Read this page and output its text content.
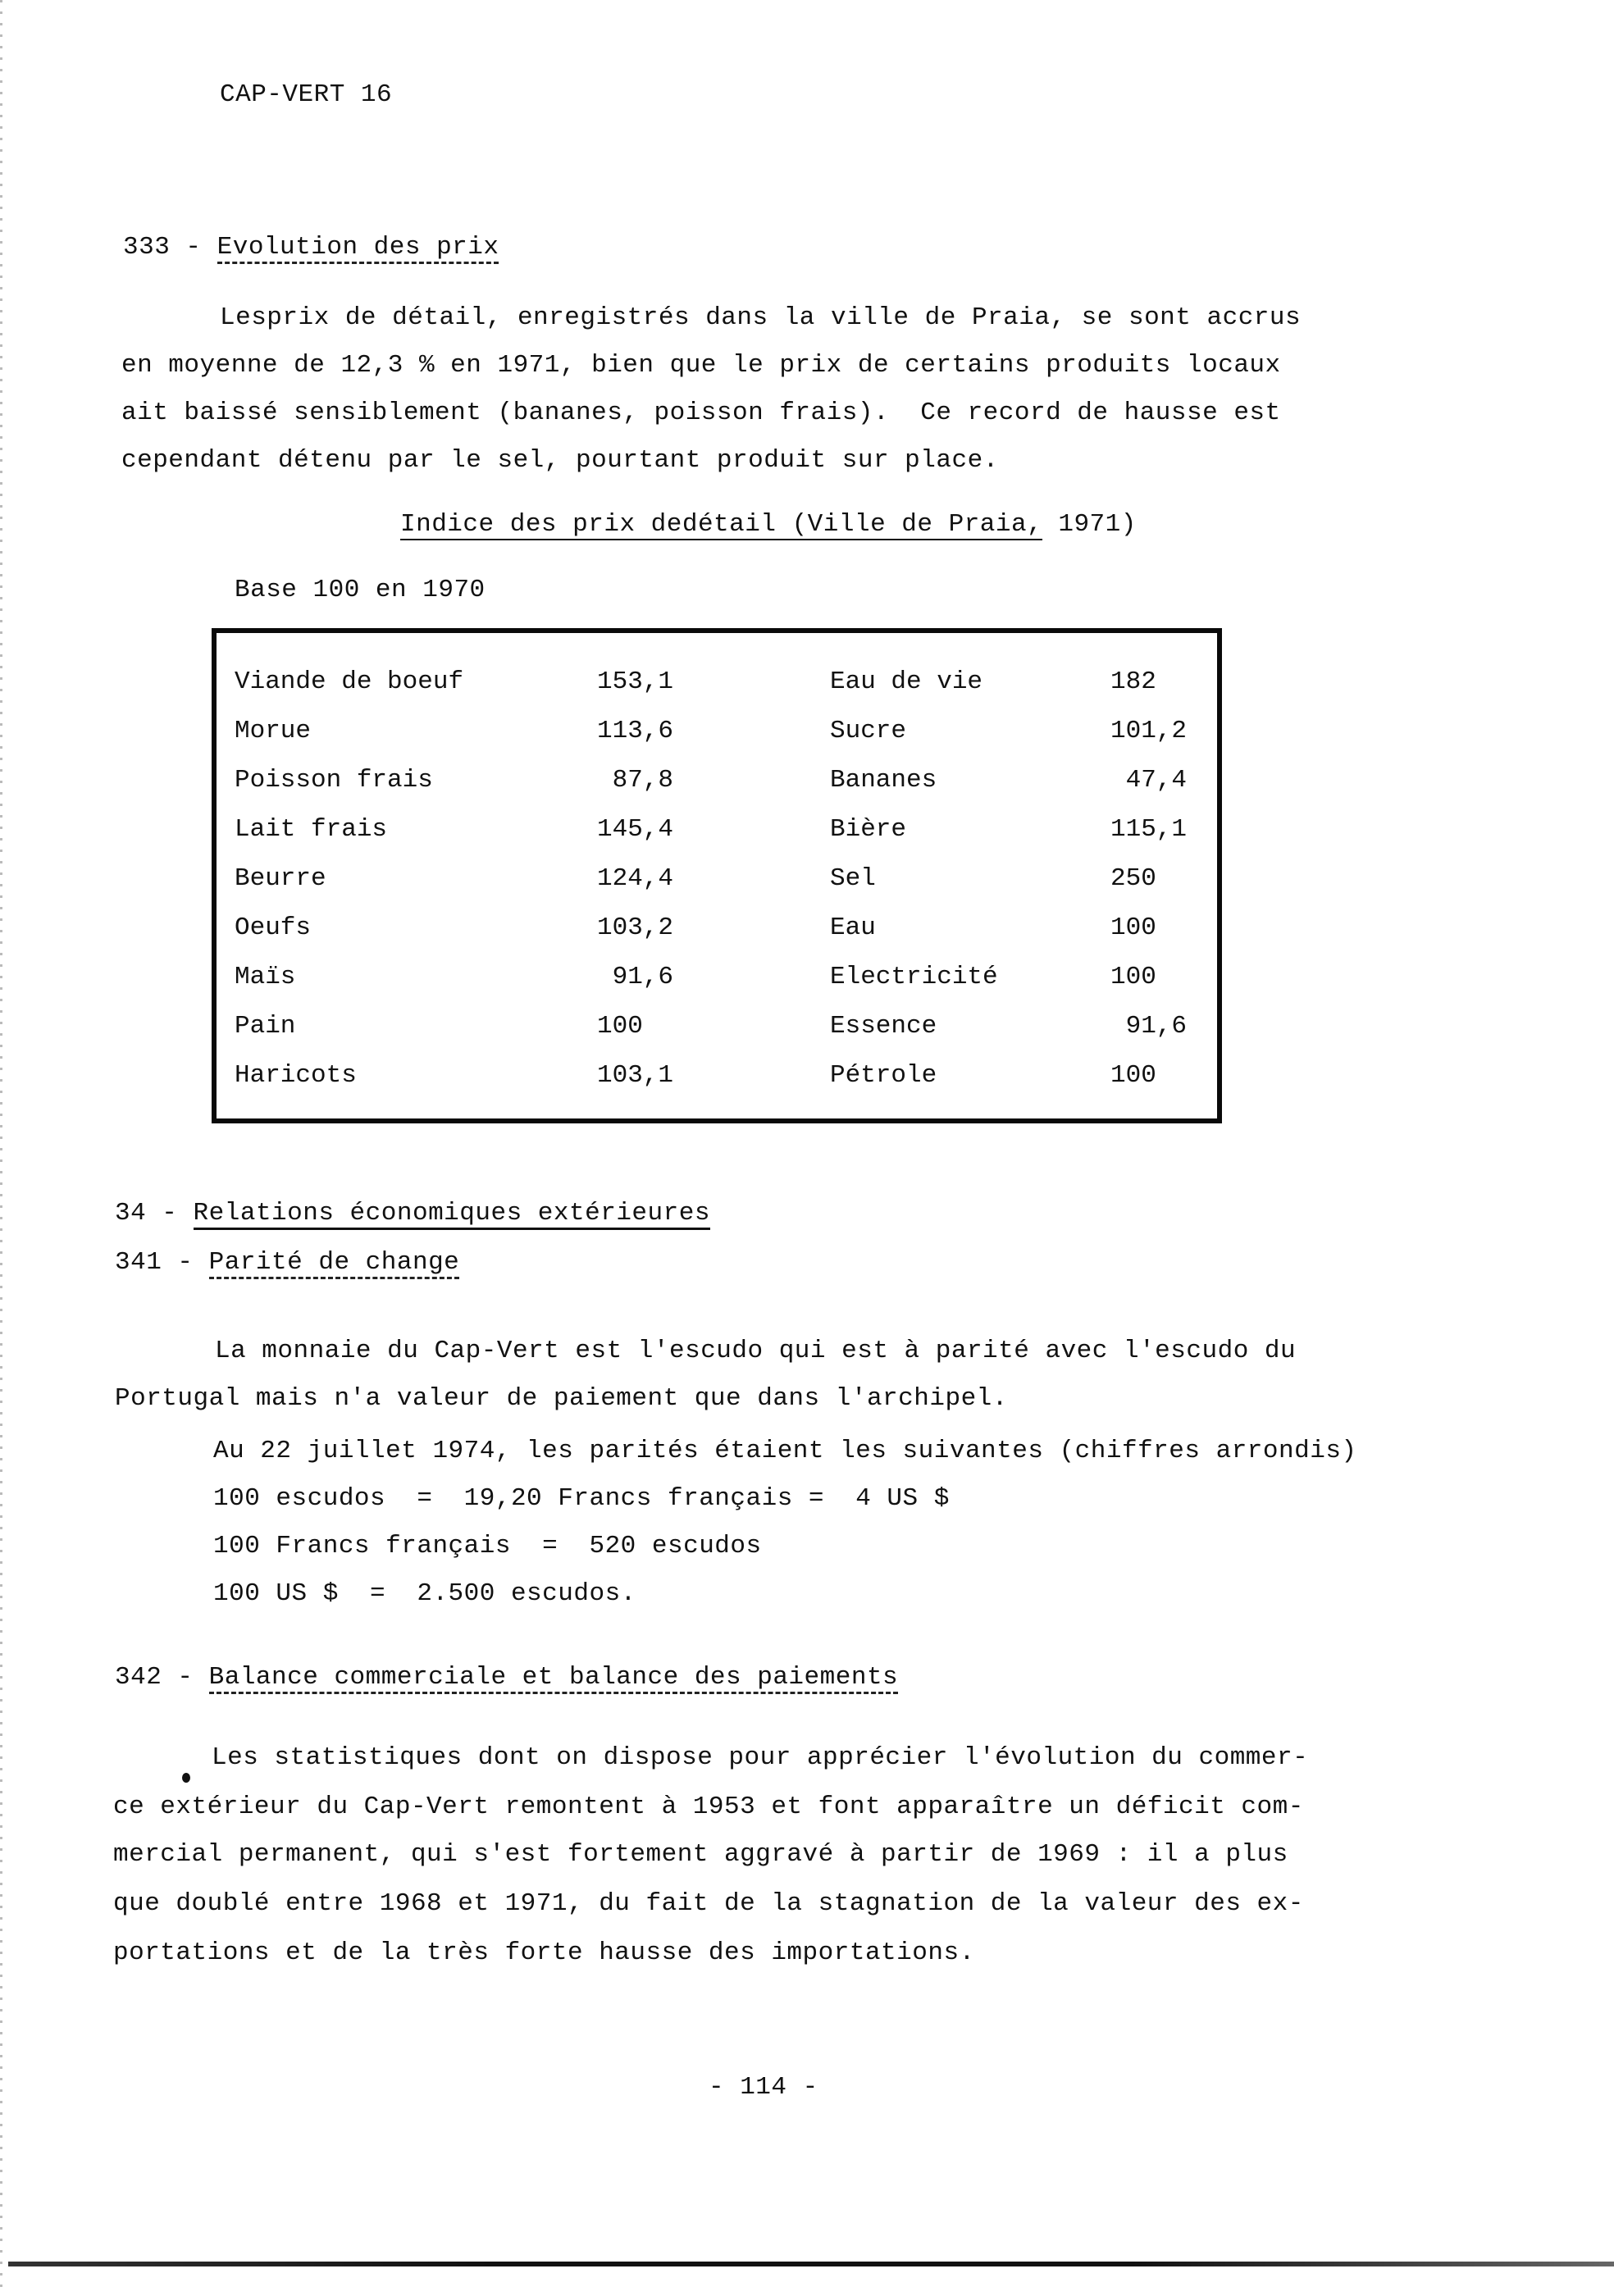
CAP-VERT 16
333 - Evolution des prix
Lesprix de détail, enregistrés dans la ville de Praia, se sont accrus
en moyenne de 12,3 % en 1971, bien que le prix de certains produits locaux
ait baissé sensiblement (bananes, poisson frais).  Ce record de hausse est
cependant détenu par le sel, pourtant produit sur place.
Indice des prix dedétail (Ville de Praia, 1971)
Base 100 en 1970
Viande de boeuf	153,1	Eau de vie	182
Morue	113,6	Sucre	101,2
Poisson frais	87,8	Bananes	47,4
Lait frais	145,4	Bière	115,1
Beurre	124,4	Sel	250
Oeufs	103,2	Eau	100
Maïs	91,6	Electricité	100
Pain	100	Essence	91,6
Haricots	103,1	Pétrole	100
34 - Relations économiques extérieures
341 - Parité de change
La monnaie du Cap-Vert est l'escudo qui est à parité avec l'escudo du
Portugal mais n'a valeur de paiement que dans l'archipel.
Au 22 juillet 1974, les parités étaient les suivantes (chiffres arrondis)
100 escudos  =  19,20 Francs français =  4 US $
100 Francs français  =  520 escudos
100 US $  =  2.500 escudos.
342 - Balance commerciale et balance des paiements
Les statistiques dont on dispose pour apprécier l'évolution du commer-
ce extérieur du Cap-Vert remontent à 1953 et font apparaître un déficit com-
mercial permanent, qui s'est fortement aggravé à partir de 1969 : il a plus
que doublé entre 1968 et 1971, du fait de la stagnation de la valeur des ex-
portations et de la très forte hausse des importations.
- 114 -
